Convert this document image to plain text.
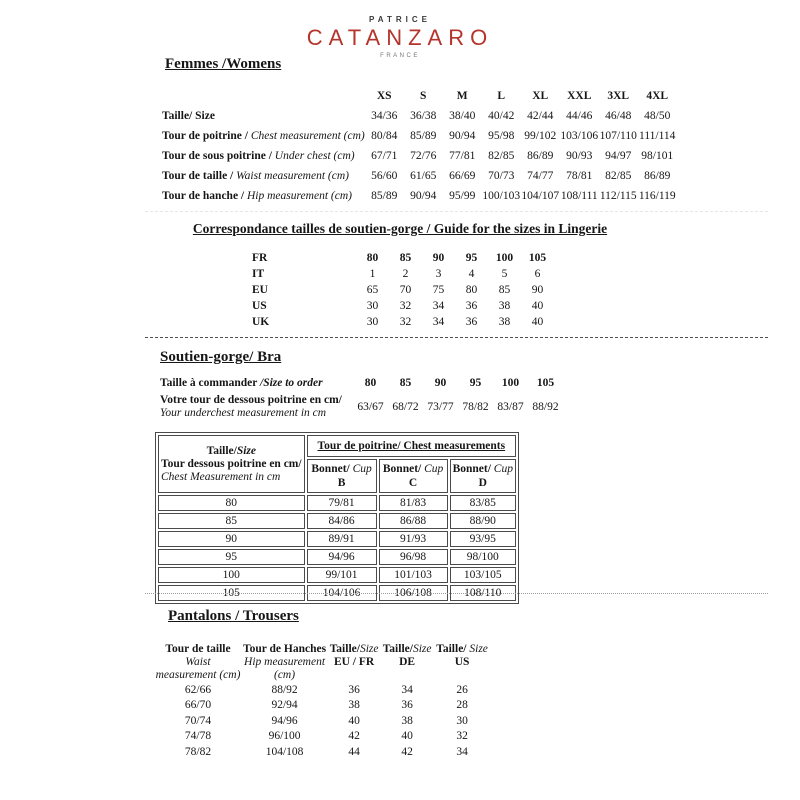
PATRICE
CATANZARO
FRANCE
Femmes /Womens
	XS	S	M	L	XL	XXL	3XL	4XL
Taille/ Size	34/36	36/38	38/40	40/42	42/44	44/46	46/48	48/50
Tour de poitrine / Chest measurement (cm)	80/84	85/89	90/94	95/98	99/102	103/106	107/110	111/114
Tour de sous poitrine / Under chest (cm)	67/71	72/76	77/81	82/85	86/89	90/93	94/97	98/101
Tour de taille / Waist measurement (cm)	56/60	61/65	66/69	70/73	74/77	78/81	82/85	86/89
Tour de hanche / Hip measurement (cm)	85/89	90/94	95/99	100/103	104/107	108/111	112/115	116/119
Correspondance tailles de soutien-gorge / Guide for the sizes in Lingerie
FR	80	85	90	95	100	105
IT	1	2	3	4	5	6
EU	65	70	75	80	85	90
US	30	32	34	36	38	40
UK	30	32	34	36	38	40
Soutien-gorge/ Bra
Taille à commander /Size to order	80	85	90	95	100	105

Votre tour de dessous poitrine en cm/
Your underchest measurement in cm	63/67	68/72	73/77	78/82	83/87	88/92
Taille/Size
Tour dessous poitrine en cm/
Chest Measurement in cm	Tour de poitrine/ Chest measurements		

Bonnet/ Cup
B

Bonnet/ Cup
C

Bonnet/ Cup
D

80	79/81	81/83	83/85
85	84/86	86/88	88/90
90	89/91	91/93	93/95
95	94/96	96/98	98/100
100	99/101	101/103	103/105
105	104/106	106/108	108/110
Pantalons / Trousers
Tour de taille
Waist
measurement (cm)

Tour de Hanches
Hip measurement
(cm)

Taille/Size
EU / FR

Taille/Size
DE

Taille/ Size
US

62/66	88/92	36	34	26
66/70	92/94	38	36	28
70/74	94/96	40	38	30
74/78	96/100	42	40	32
78/82	104/108	44	42	34
